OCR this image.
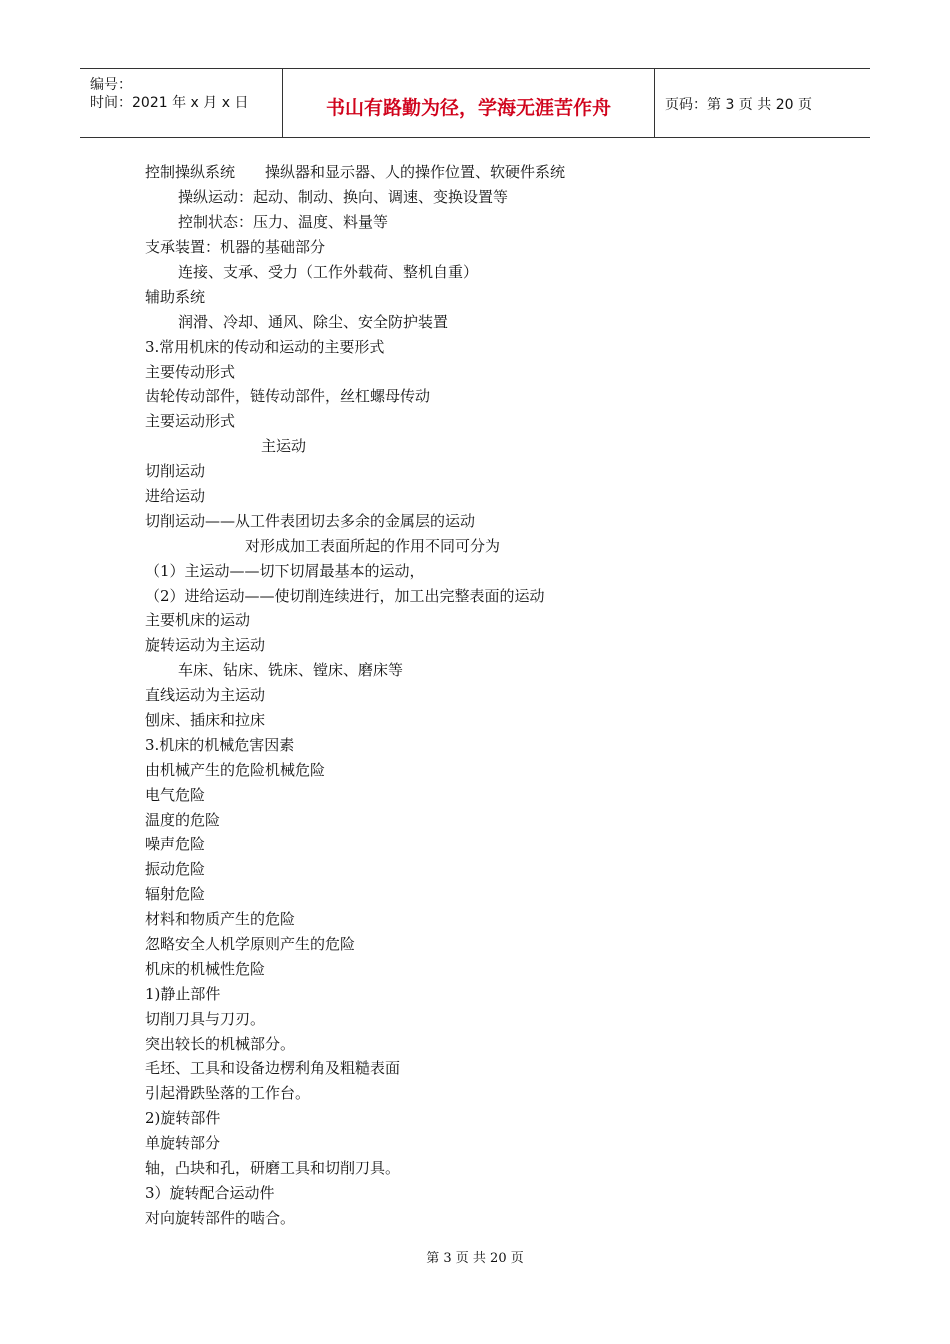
编号：
时间：2021 年 x 月 x 日	书山有路勤为径，学海无涯苦作舟	页码：第 3 页 共 20 页
控制操纵系统　　操纵器和显示器、人的操作位置、软硬件系统
操纵运动：起动、制动、换向、调速、变换设置等
控制状态：压力、温度、料量等
支承装置：机器的基础部分
连接、支承、受力（工作外载荷、整机自重）
辅助系统
润滑、冷却、通风、除尘、安全防护装置
3.常用机床的传动和运动的主要形式
主要传动形式
齿轮传动部件，链传动部件，丝杠螺母传动
主要运动形式
主运动
切削运动
进给运动
切削运动——从工件表团切去多余的金属层的运动
对形成加工表面所起的作用不同可分为
（1）主运动——切下切屑最基本的运动，
（2）进给运动——使切削连续进行，加工出完整表面的运动
主要机床的运动
旋转运动为主运动
车床、钻床、铣床、镗床、磨床等
直线运动为主运动
刨床、插床和拉床
3.机床的机械危害因素
由机械产生的危险机械危险
电气危险
温度的危险
噪声危险
振动危险
辐射危险
材料和物质产生的危险
忽略安全人机学原则产生的危险
机床的机械性危险
1)静止部件
切削刀具与刀刃。
突出较长的机械部分。
毛坯、工具和设备边楞利角及粗糙表面
引起滑跌坠落的工作台。
2)旋转部件
单旋转部分
轴，凸块和孔，研磨工具和切削刀具。
3）旋转配合运动件
对向旋转部件的啮合。
第 3 页 共 20 页
